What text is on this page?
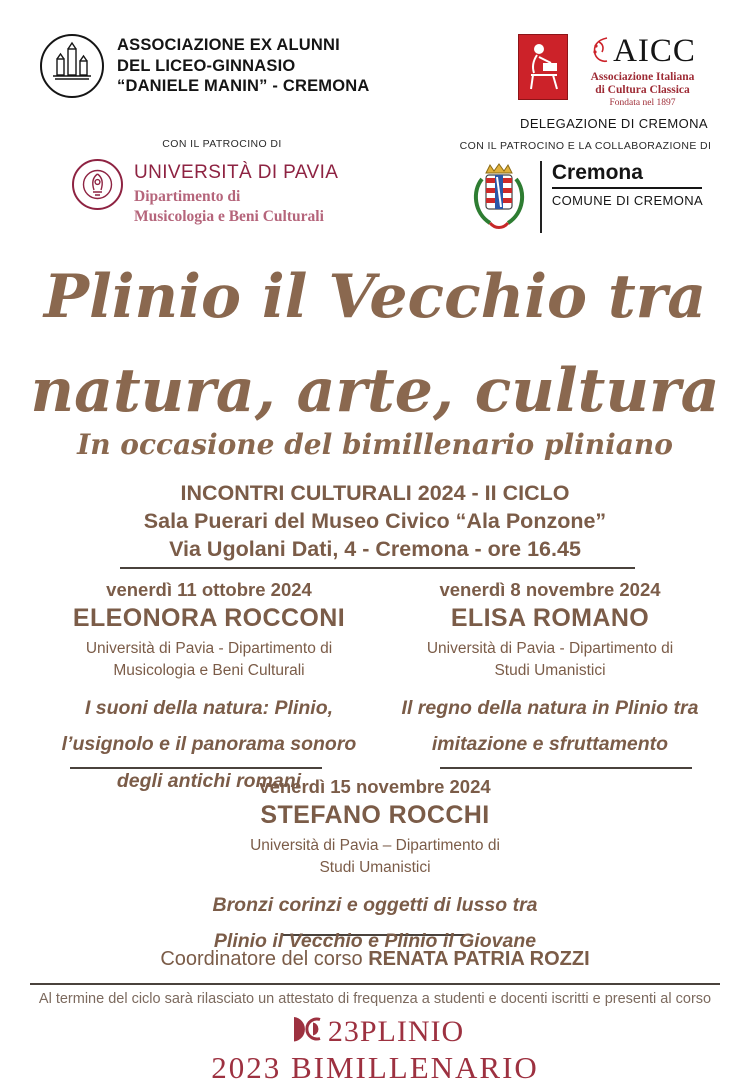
ASSOCIAZIONE EX ALUNNI
DEL LICEO-GINNASIO
“DANIELE MANIN” - CREMONA
AICC
Associazione Italiana
di Cultura Classica
Fondata nel 1897
DELEGAZIONE DI CREMONA
CON IL PATROCINO DI
UNIVERSITÀ DI PAVIA
Dipartimento di
Musicologia e Beni Culturali
CON IL PATROCINO E LA COLLABORAZIONE DI
Cremona
COMUNE DI CREMONA
Plinio il Vecchio tra
natura, arte, cultura
In occasione del bimillenario pliniano
INCONTRI CULTURALI 2024 - II CICLO
Sala Puerari del Museo Civico “Ala Ponzone”
Via Ugolani Dati, 4 - Cremona - ore 16.45
venerdì 11 ottobre 2024
ELEONORA ROCCONI
Università di Pavia - Dipartimento di
Musicologia e Beni Culturali
I suoni della natura: Plinio,
l’usignolo e il panorama sonoro
degli antichi romani
venerdì 8 novembre 2024
ELISA ROMANO
Università di Pavia - Dipartimento di
Studi Umanistici
Il regno della natura in Plinio tra
imitazione e sfruttamento
venerdì 15 novembre 2024
STEFANO ROCCHI
Università di Pavia – Dipartimento di
Studi Umanistici
Bronzi corinzi e oggetti di lusso tra
Plinio il Vecchio e Plinio il Giovane
Coordinatore del corso RENATA PATRIA ROZZI
Al termine del ciclo sarà rilasciato un attestato di frequenza a studenti e docenti iscritti e presenti al corso
23PLINIO
2023 BIMILLENARIO
